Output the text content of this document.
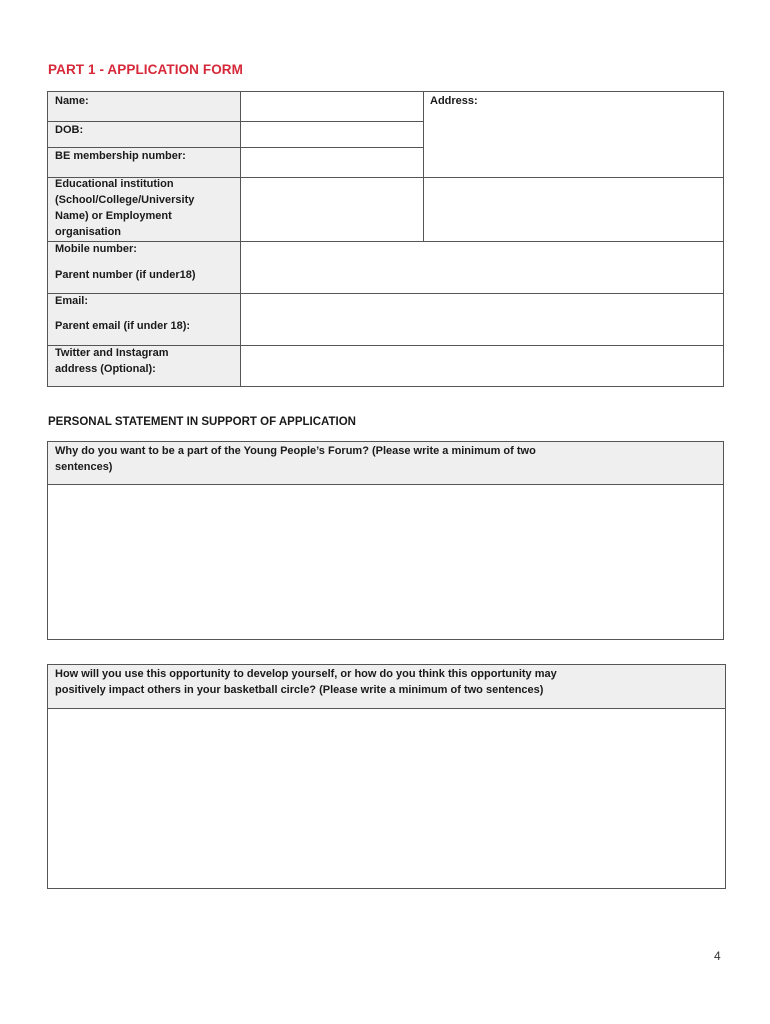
PART 1 - APPLICATION FORM
Name:	Address:
DOB:
BE membership number:
Educational institution
(School/College/University
Name) or Employment
organisation
Mobile number:
Parent number (if under18)
Email:
Parent email (if under 18):
Twitter and Instagram
address (Optional):
PERSONAL STATEMENT IN SUPPORT OF APPLICATION
Why do you want to be a part of the Young People’s Forum? (Please write a minimum of two
sentences)
How will you use this opportunity to develop yourself, or how do you think this opportunity may
positively impact others in your basketball circle? (Please write a minimum of two sentences)
4
